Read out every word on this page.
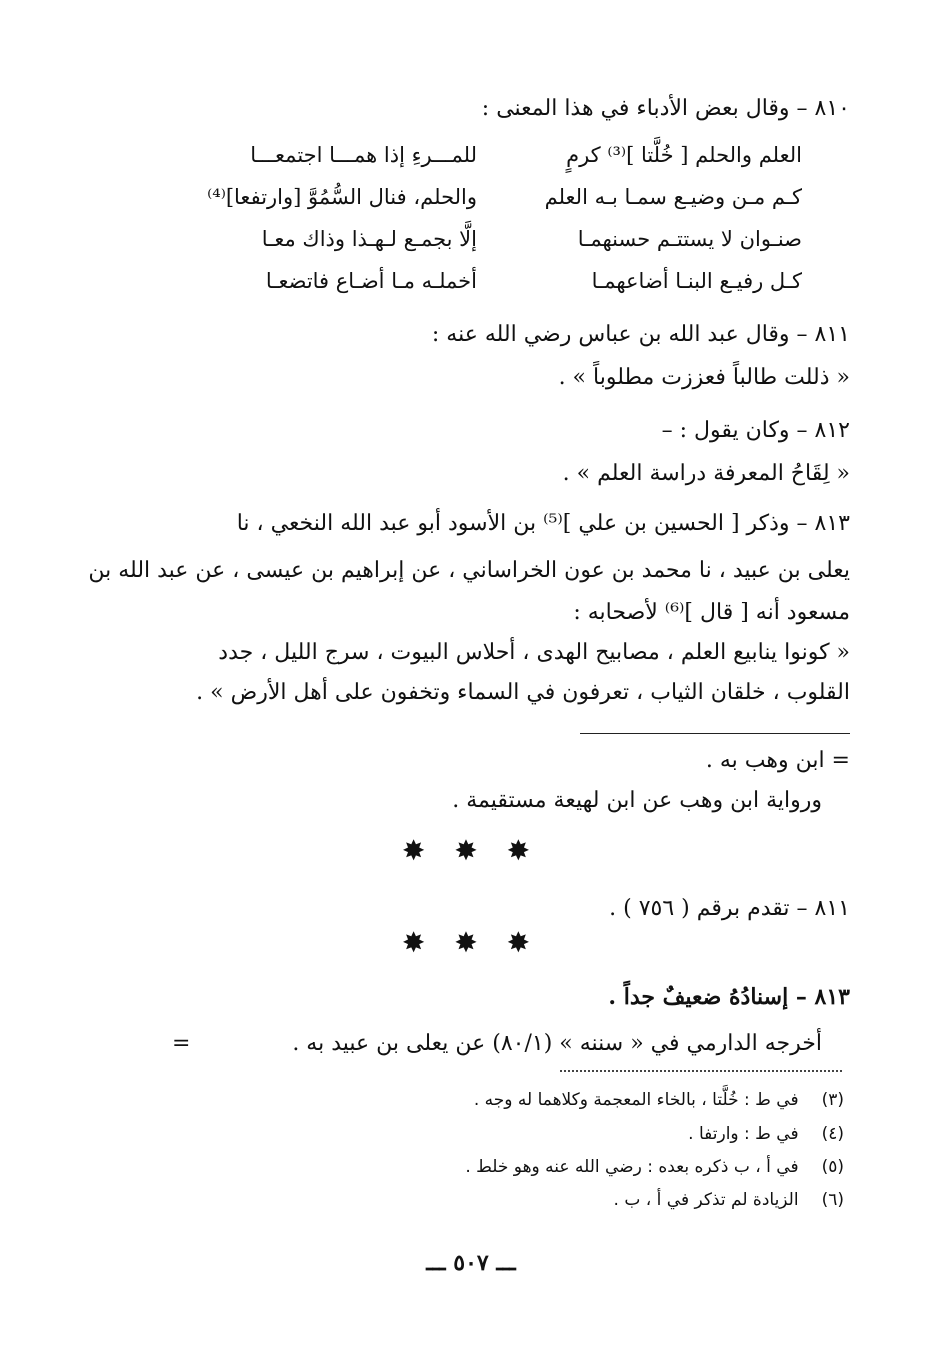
٨١٠ – وقال بعض الأدباء في هذا المعنى :
العلم والحلم [ خُلَّتا ]⁽³⁾ كرمٍ
للمـــرءِ إذا همـــا اجتمعـــا
كـم مـن وضيـع سمـا بـه العلم
والحلم، فنال السُّمُوَّ [وارتفعا]⁽⁴⁾
صنـوان لا يستتـم حسنهمـا
إلَّا بجمـع لـهـذا وذاك معـا
كـل رفيـع البنـا أضاعهمـا
أخملـه مـا أضـاع فاتضعـا
٨١١ – وقال عبد الله بن عباس رضي الله عنه :
« ذللت طالباً فعززت مطلوباً » .
٨١٢ – وكان يقول : –
« لِقَاحُ المعرفة دراسة العلم » .
٨١٣ – وذكر [ الحسين بن علي ]⁽⁵⁾ بن الأسود أبو عبد الله النخعي ، نا
يعلى بن عبيد ، نا محمد بن عون الخراساني ، عن إبراهيم بن عيسى ، عن عبد الله بن
مسعود أنه [ قال ]⁽⁶⁾ لأصحابه :
« كونوا ينابيع العلم ، مصابيح الهدى ، أحلاس البيوت ، سرج الليل ، جدد
القلوب ، خلقان الثياب ، تعرفون في السماء وتخفون على أهل الأرض » .
= ابن وهب به .
ورواية ابن وهب عن ابن لهيعة مستقيمة .
✸ ✸ ✸
٨١١ – تقدم برقم ( ٧٥٦ ) .
✸ ✸ ✸
٨١٣ – إسنادُهُ ضعيفٌ جداً .
أخرجه الدارمي في « سننه » (٨٠/١) عن يعلى بن عبيد به .
=
(٣) في ط : خُلَّتا ، بالخاء المعجمة وكلاهما له وجه .
(٤) في ط : وارتفا .
(٥) في أ ، ب ذكره بعده : رضي الله عنه وهو خلط .
(٦) الزيادة لم تذكر في أ ، ب .
ـــ ٥٠٧ ـــ
